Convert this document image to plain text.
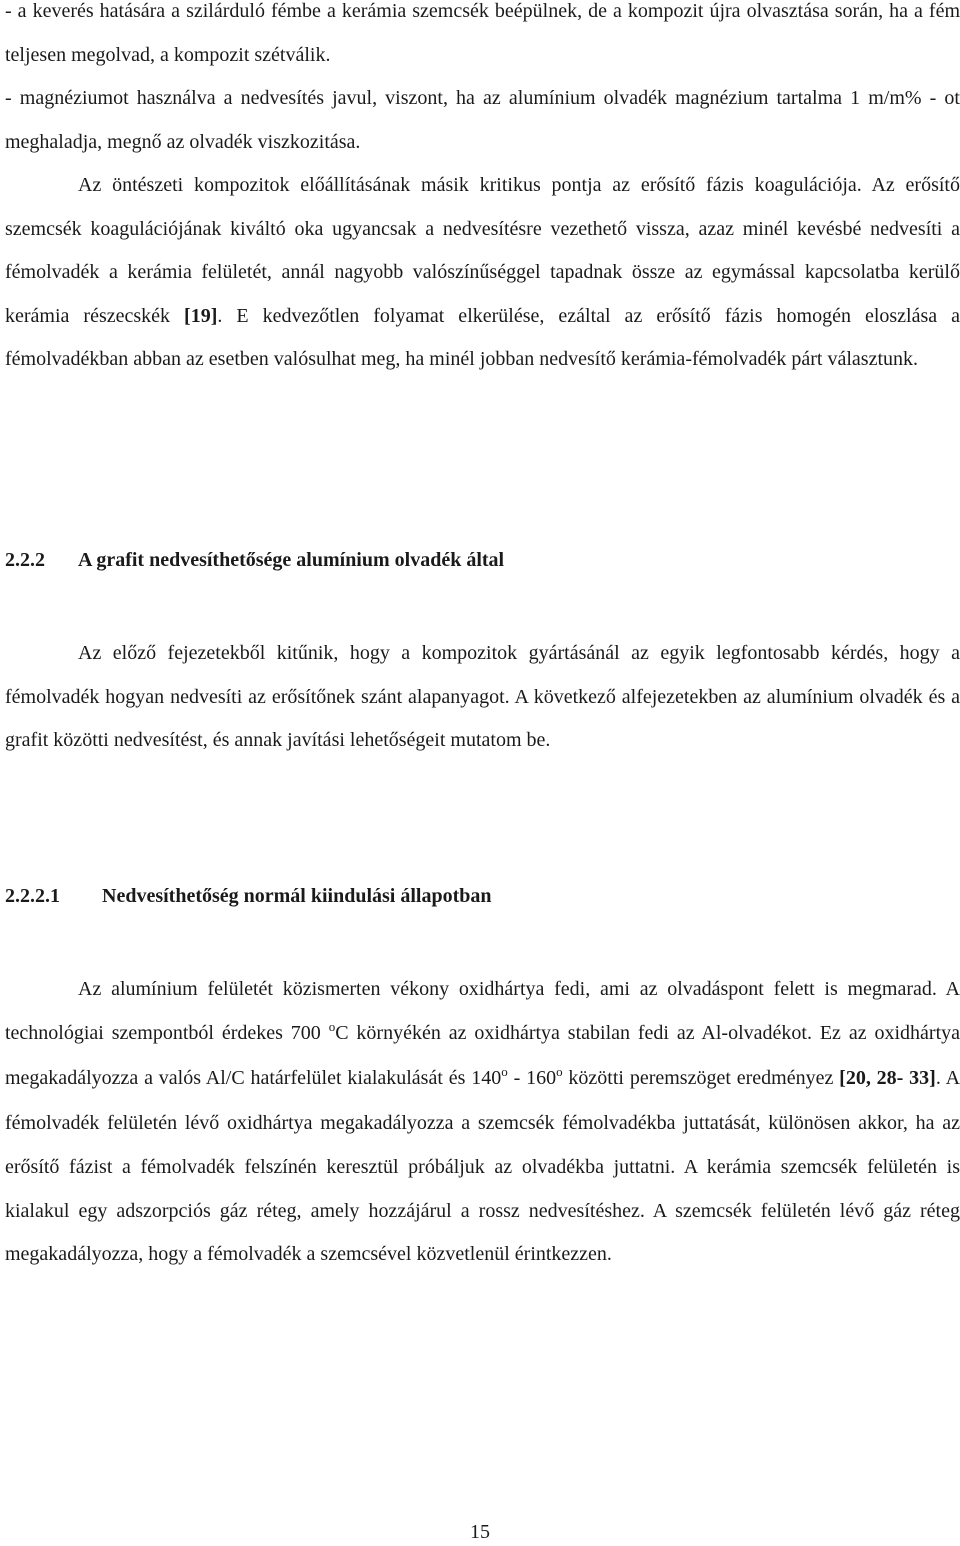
- a keverés hatására a szilárduló fémbe a kerámia szemcsék beépülnek, de a kompozit újra olvasztása során, ha a fém teljesen megolvad, a kompozit szétválik.

- magnéziumot használva a nedvesítés javul, viszont, ha az alumínium olvadék magnézium tartalma 1 m/m% - ot meghaladja, megnő az olvadék viszkozitása.

Az öntészeti kompozitok előállításának másik kritikus pontja az erősítő fázis koagulációja. Az erősítő szemcsék koagulációjának kiváltó oka ugyancsak a nedvesítésre vezethető vissza, azaz minél kevésbé nedvesíti a fémolvadék a kerámia felületét, annál nagyobb valószínűséggel tapadnak össze az egymással kapcsolatba kerülő kerámia részecskék [19]. E kedvezőtlen folyamat elkerülése, ezáltal az erősítő fázis homogén eloszlása a fémolvadékban abban az esetben valósulhat meg, ha minél jobban nedvesítő kerámia-fémolvadék párt választunk.

2.2.2 A grafit nedvesíthetősége alumínium olvadék által

Az előző fejezetekből kitűnik, hogy a kompozitok gyártásánál az egyik legfontosabb kérdés, hogy a fémolvadék hogyan nedvesíti az erősítőnek szánt alapanyagot. A következő alfejezetekben az alumínium olvadék és a grafit közötti nedvesítést, és annak javítási lehetőségeit mutatom be.

2.2.2.1 Nedvesíthetőség normál kiindulási állapotban

Az alumínium felületét közismerten vékony oxidhártya fedi, ami az olvadáspont felett is megmarad. A technológiai szempontból érdekes 700 $^o$C környékén az oxidhártya stabilan fedi az Al-olvadékot. Ez az oxidhártya megakadályozza a valós Al/C határfelület kialakulását és 140$^o$ - 160$^o$ közötti peremszöget eredményez [20, 28- 33]. A fémolvadék felületén lévő oxidhártya megakadályozza a szemcsék fémolvadékba juttatását, különösen akkor, ha az erősítő fázist a fémolvadék felszínén keresztül próbáljuk az olvadékba juttatni. A kerámia szemcsék felületén is kialakul egy adszorpciós gáz réteg, amely hozzájárul a rossz nedvesítéshez. A szemcsék felületén lévő gáz réteg megakadályozza, hogy a fémolvadék a szemcsével közvetlenül érintkezzen.

15
